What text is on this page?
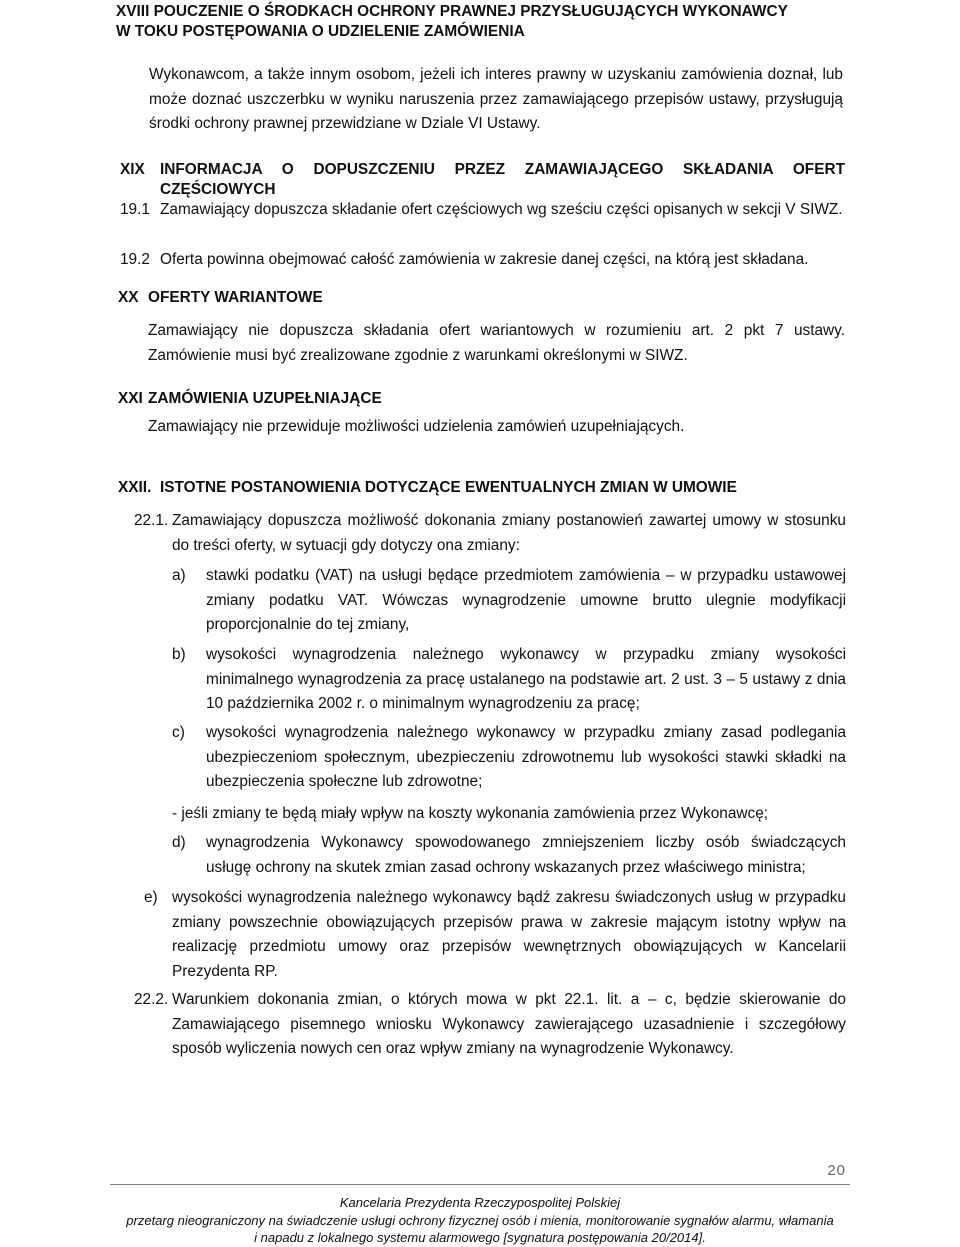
XVIII POUCZENIE O ŚRODKACH OCHRONY PRAWNEJ PRZYSŁUGUJĄCYCH WYKONAWCY
W TOKU POSTĘPOWANIA O UDZIELENIE ZAMÓWIENIA
Wykonawcom, a także innym osobom, jeżeli ich interes prawny w uzyskaniu zamówienia doznał, lub może doznać uszczerbku w wyniku naruszenia przez zamawiającego przepisów ustawy, przysługują środki ochrony prawnej przewidziane w Dziale VI Ustawy.
XIX INFORMACJA O DOPUSZCZENIU PRZEZ ZAMAWIAJĄCEGO SKŁADANIA OFERT CZĘŚCIOWYCH
19.1 Zamawiający dopuszcza składanie ofert częściowych wg sześciu części opisanych w sekcji V SIWZ.
19.2 Oferta powinna obejmować całość zamówienia w zakresie danej części, na którą jest składana.
XX OFERTY WARIANTOWE
Zamawiający nie dopuszcza składania ofert wariantowych w rozumieniu art. 2 pkt 7 ustawy. Zamówienie musi być zrealizowane zgodnie z warunkami określonymi w SIWZ.
XXI ZAMÓWIENIA UZUPEŁNIAJĄCE
Zamawiający nie przewiduje możliwości udzielenia zamówień uzupełniających.
XXII. ISTOTNE POSTANOWIENIA DOTYCZĄCE EWENTUALNYCH ZMIAN W UMOWIE
22.1. Zamawiający dopuszcza możliwość dokonania zmiany postanowień zawartej umowy w stosunku do treści oferty, w sytuacji gdy dotyczy ona zmiany:
a) stawki podatku (VAT) na usługi będące przedmiotem zamówienia – w przypadku ustawowej zmiany podatku VAT. Wówczas wynagrodzenie umowne brutto ulegnie modyfikacji proporcjonalnie do tej zmiany,
b) wysokości wynagrodzenia należnego wykonawcy w przypadku zmiany wysokości minimalnego wynagrodzenia za pracę ustalanego na podstawie art. 2 ust. 3 – 5 ustawy z dnia 10 października 2002 r. o minimalnym wynagrodzeniu za pracę;
c) wysokości wynagrodzenia należnego wykonawcy w przypadku zmiany zasad podlegania ubezpieczeniom społecznym, ubezpieczeniu zdrowotnemu lub wysokości stawki składki na ubezpieczenia społeczne lub zdrowotne;
- jeśli zmiany te będą miały wpływ na koszty wykonania zamówienia przez Wykonawcę;
d) wynagrodzenia Wykonawcy spowodowanego zmniejszeniem liczby osób świadczących usługę ochrony na skutek zmian zasad ochrony wskazanych przez właściwego ministra;
e) wysokości wynagrodzenia należnego wykonawcy bądź zakresu świadczonych usług w przypadku zmiany powszechnie obowiązujących przepisów prawa w zakresie mającym istotny wpływ na realizację przedmiotu umowy oraz przepisów wewnętrznych obowiązujących w Kancelarii Prezydenta RP.
22.2. Warunkiem dokonania zmian, o których mowa w pkt 22.1. lit. a – c, będzie skierowanie do Zamawiającego pisemnego wniosku Wykonawcy zawierającego uzasadnienie i szczegółowy sposób wyliczenia nowych cen oraz wpływ zmiany na wynagrodzenie Wykonawcy.
20
Kancelaria Prezydenta Rzeczypospolitej Polskiej
przetarg nieograniczony na świadczenie usługi ochrony fizycznej osób i mienia, monitorowanie sygnałów alarmu, włamania
i napadu z lokalnego systemu alarmowego [sygnatura postępowania 20/2014].
